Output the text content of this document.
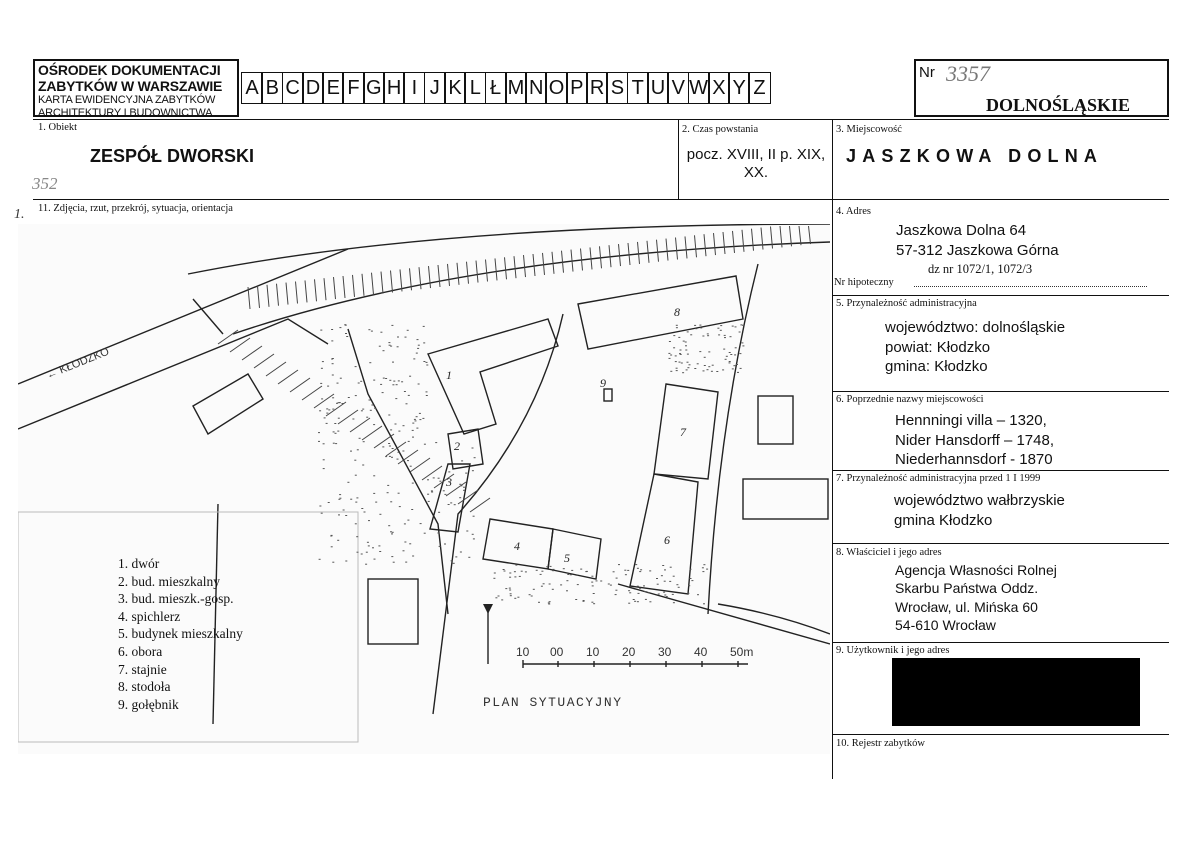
OŚRODEK DOKUMENTACJI
ZABYTKÓW W WARSZAWIE
KARTA EWIDENCYJNA ZABYTKÓW
ARCHITEKTURY I BUDOWNICTWA
A B C D E F G H I J K L Ł M N O P R S T U V W X Y Z
Nr 3357
DOLNOŚLĄSKIE
1. Obiekt
ZESPÓŁ DWORSKI
352
2. Czas powstania
pocz. XVIII, II p. XIX,
XX.
3. Miejscowość
JASZKOWA DOLNA
4. Adres
Jaszkowa Dolna 64
57-312 Jaszkowa Górna
dz nr 1072/1, 1072/3
Nr hipoteczny
5. Przynależność administracyjna
województwo: dolnośląskie
powiat: Kłodzko
gmina: Kłodzko
6. Poprzednie nazwy miejscowości
Hennningi villa – 1320,
Nider Hansdorff – 1748,
Niederhannsdorf - 1870
7. Przynależność administracyjna przed 1 I 1999
województwo wałbrzyskie
gmina Kłodzko
8. Właściciel i jego adres
Agencja Własności Rolnej
Skarbu Państwa Oddz.
Wrocław, ul. Mińska 60
54-610 Wrocław
9. Użytkownik i jego adres
10. Rejestr zabytków
11. Zdjęcia, rzut, przekrój, sytuacja, orientacja
1.
1
2
3
4
5
6
7
8
9
← KŁODZKO
10 00 10 20 30 40 50m
PLAN SYTUACYJNY
1. dwór
2. bud. mieszkalny
3. bud. mieszk.-gosp.
4. spichlerz
5. budynek mieszkalny
6. obora
7. stajnie
8. stodoła
9. gołębnik
